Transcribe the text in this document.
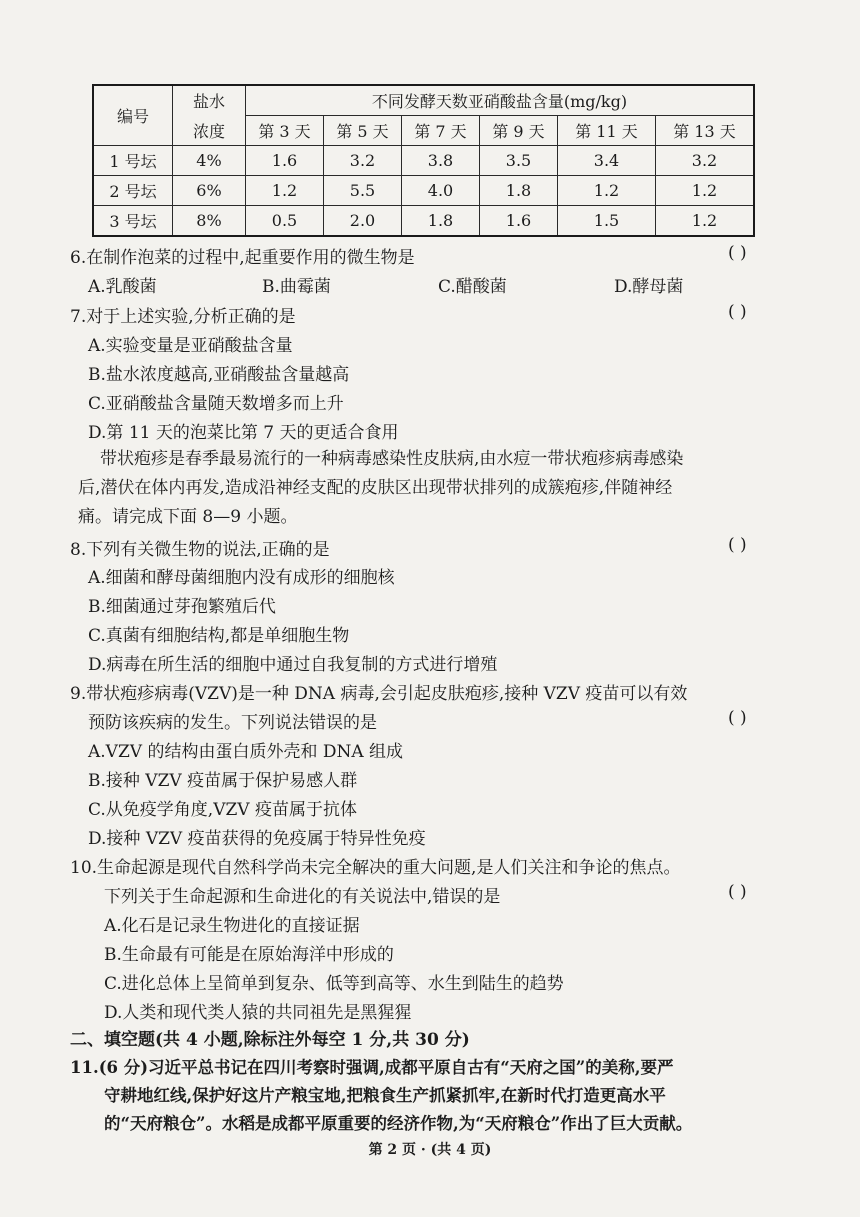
编号	盐水	不同发酵天数亚硝酸盐含量(mg/kg)					
	浓度	第 3 天	第 5 天	第 7 天	第 9 天	第 11 天	第 13 天
1 号坛	4%	1.6	3.2	3.8	3.5	3.4	3.2
2 号坛	6%	1.2	5.5	4.0	1.8	1.2	1.2
3 号坛	8%	0.5	2.0	1.8	1.6	1.5	1.2
6.在制作泡菜的过程中,起重要作用的微生物是	( )
A.乳酸菌	B.曲霉菌	C.醋酸菌	D.酵母菌
7.对于上述实验,分析正确的是	( )
A.实验变量是亚硝酸盐含量
B.盐水浓度越高,亚硝酸盐含量越高
C.亚硝酸盐含量随天数增多而上升
D.第 11 天的泡菜比第 7 天的更适合食用
带状疱疹是春季最易流行的一种病毒感染性皮肤病,由水痘一带状疱疹病毒感染
后,潜伏在体内再发,造成沿神经支配的皮肤区出现带状排列的成簇疱疹,伴随神经
痛。请完成下面 8—9 小题。
8.下列有关微生物的说法,正确的是	( )
A.细菌和酵母菌细胞内没有成形的细胞核
B.细菌通过芽孢繁殖后代
C.真菌有细胞结构,都是单细胞生物
D.病毒在所生活的细胞中通过自我复制的方式进行增殖
9.带状疱疹病毒(VZV)是一种 DNA 病毒,会引起皮肤疱疹,接种 VZV 疫苗可以有效
预防该疾病的发生。下列说法错误的是	( )
A.VZV 的结构由蛋白质外壳和 DNA 组成
B.接种 VZV 疫苗属于保护易感人群
C.从免疫学角度,VZV 疫苗属于抗体
D.接种 VZV 疫苗获得的免疫属于特异性免疫
10.生命起源是现代自然科学尚未完全解决的重大问题,是人们关注和争论的焦点。
下列关于生命起源和生命进化的有关说法中,错误的是	( )
A.化石是记录生物进化的直接证据
B.生命最有可能是在原始海洋中形成的
C.进化总体上呈简单到复杂、低等到高等、水生到陆生的趋势
D.人类和现代类人猿的共同祖先是黑猩猩
二、填空题(共 4 小题,除标注外每空 1 分,共 30 分)
11.(6 分)习近平总书记在四川考察时强调,成都平原自古有“天府之国”的美称,要严
守耕地红线,保护好这片产粮宝地,把粮食生产抓紧抓牢,在新时代打造更高水平
的“天府粮仓”。水稻是成都平原重要的经济作物,为“天府粮仓”作出了巨大贡献。
第 2 页 · (共 4 页)
